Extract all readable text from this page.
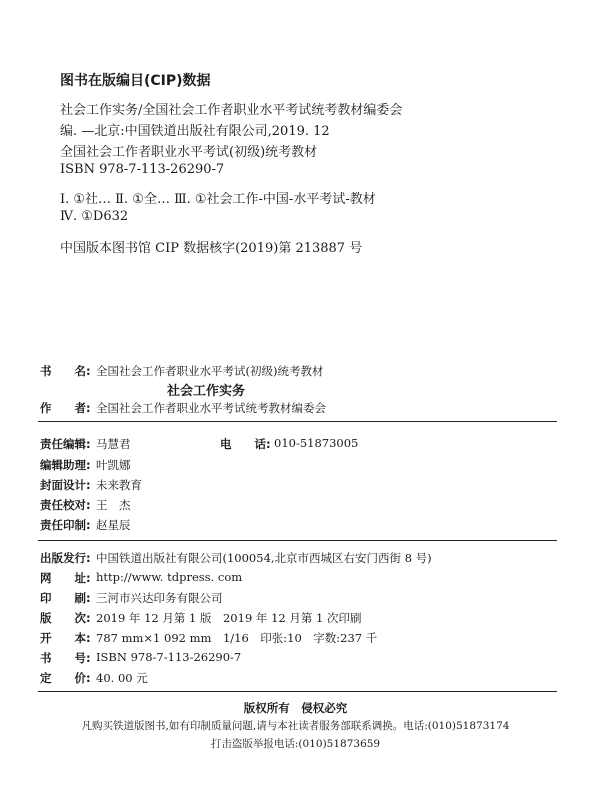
图书在版编目(CIP)数据
社会工作实务/全国社会工作者职业水平考试统考教材编委会
编. —北京:中国铁道出版社有限公司,2019. 12
全国社会工作者职业水平考试(初级)统考教材
ISBN 978-7-113-26290-7
Ⅰ. ①社… Ⅱ. ①全… Ⅲ. ①社会工作-中国-水平考试-教材
Ⅳ. ①D632
中国版本图书馆 CIP 数据核字(2019)第 213887 号
书　　名: 全国社会工作者职业水平考试(初级)统考教材
社会工作实务
作　　者: 全国社会工作者职业水平考试统考教材编委会
责任编辑: 马慧君	电　　话: 010-51873005
编辑助理: 叶凯娜
封面设计: 未来教育
责任校对: 王　杰
责任印制: 赵星辰
出版发行: 中国铁道出版社有限公司(100054,北京市西城区右安门西街 8 号)
网　　址: http://www. tdpress. com
印　　刷: 三河市兴达印务有限公司
版　　次: 2019 年 12 月第 1 版　2019 年 12 月第 1 次印刷
开　　本: 787 mm×1 092 mm　1/16　印张:10　字数:237 千
书　　号: ISBN 978-7-113-26290-7
定　　价: 40. 00 元
版权所有　侵权必究
凡购买铁道版图书,如有印制质量问题,请与本社读者服务部联系调换。电话:(010)51873174
打击盗版举报电话:(010)51873659
